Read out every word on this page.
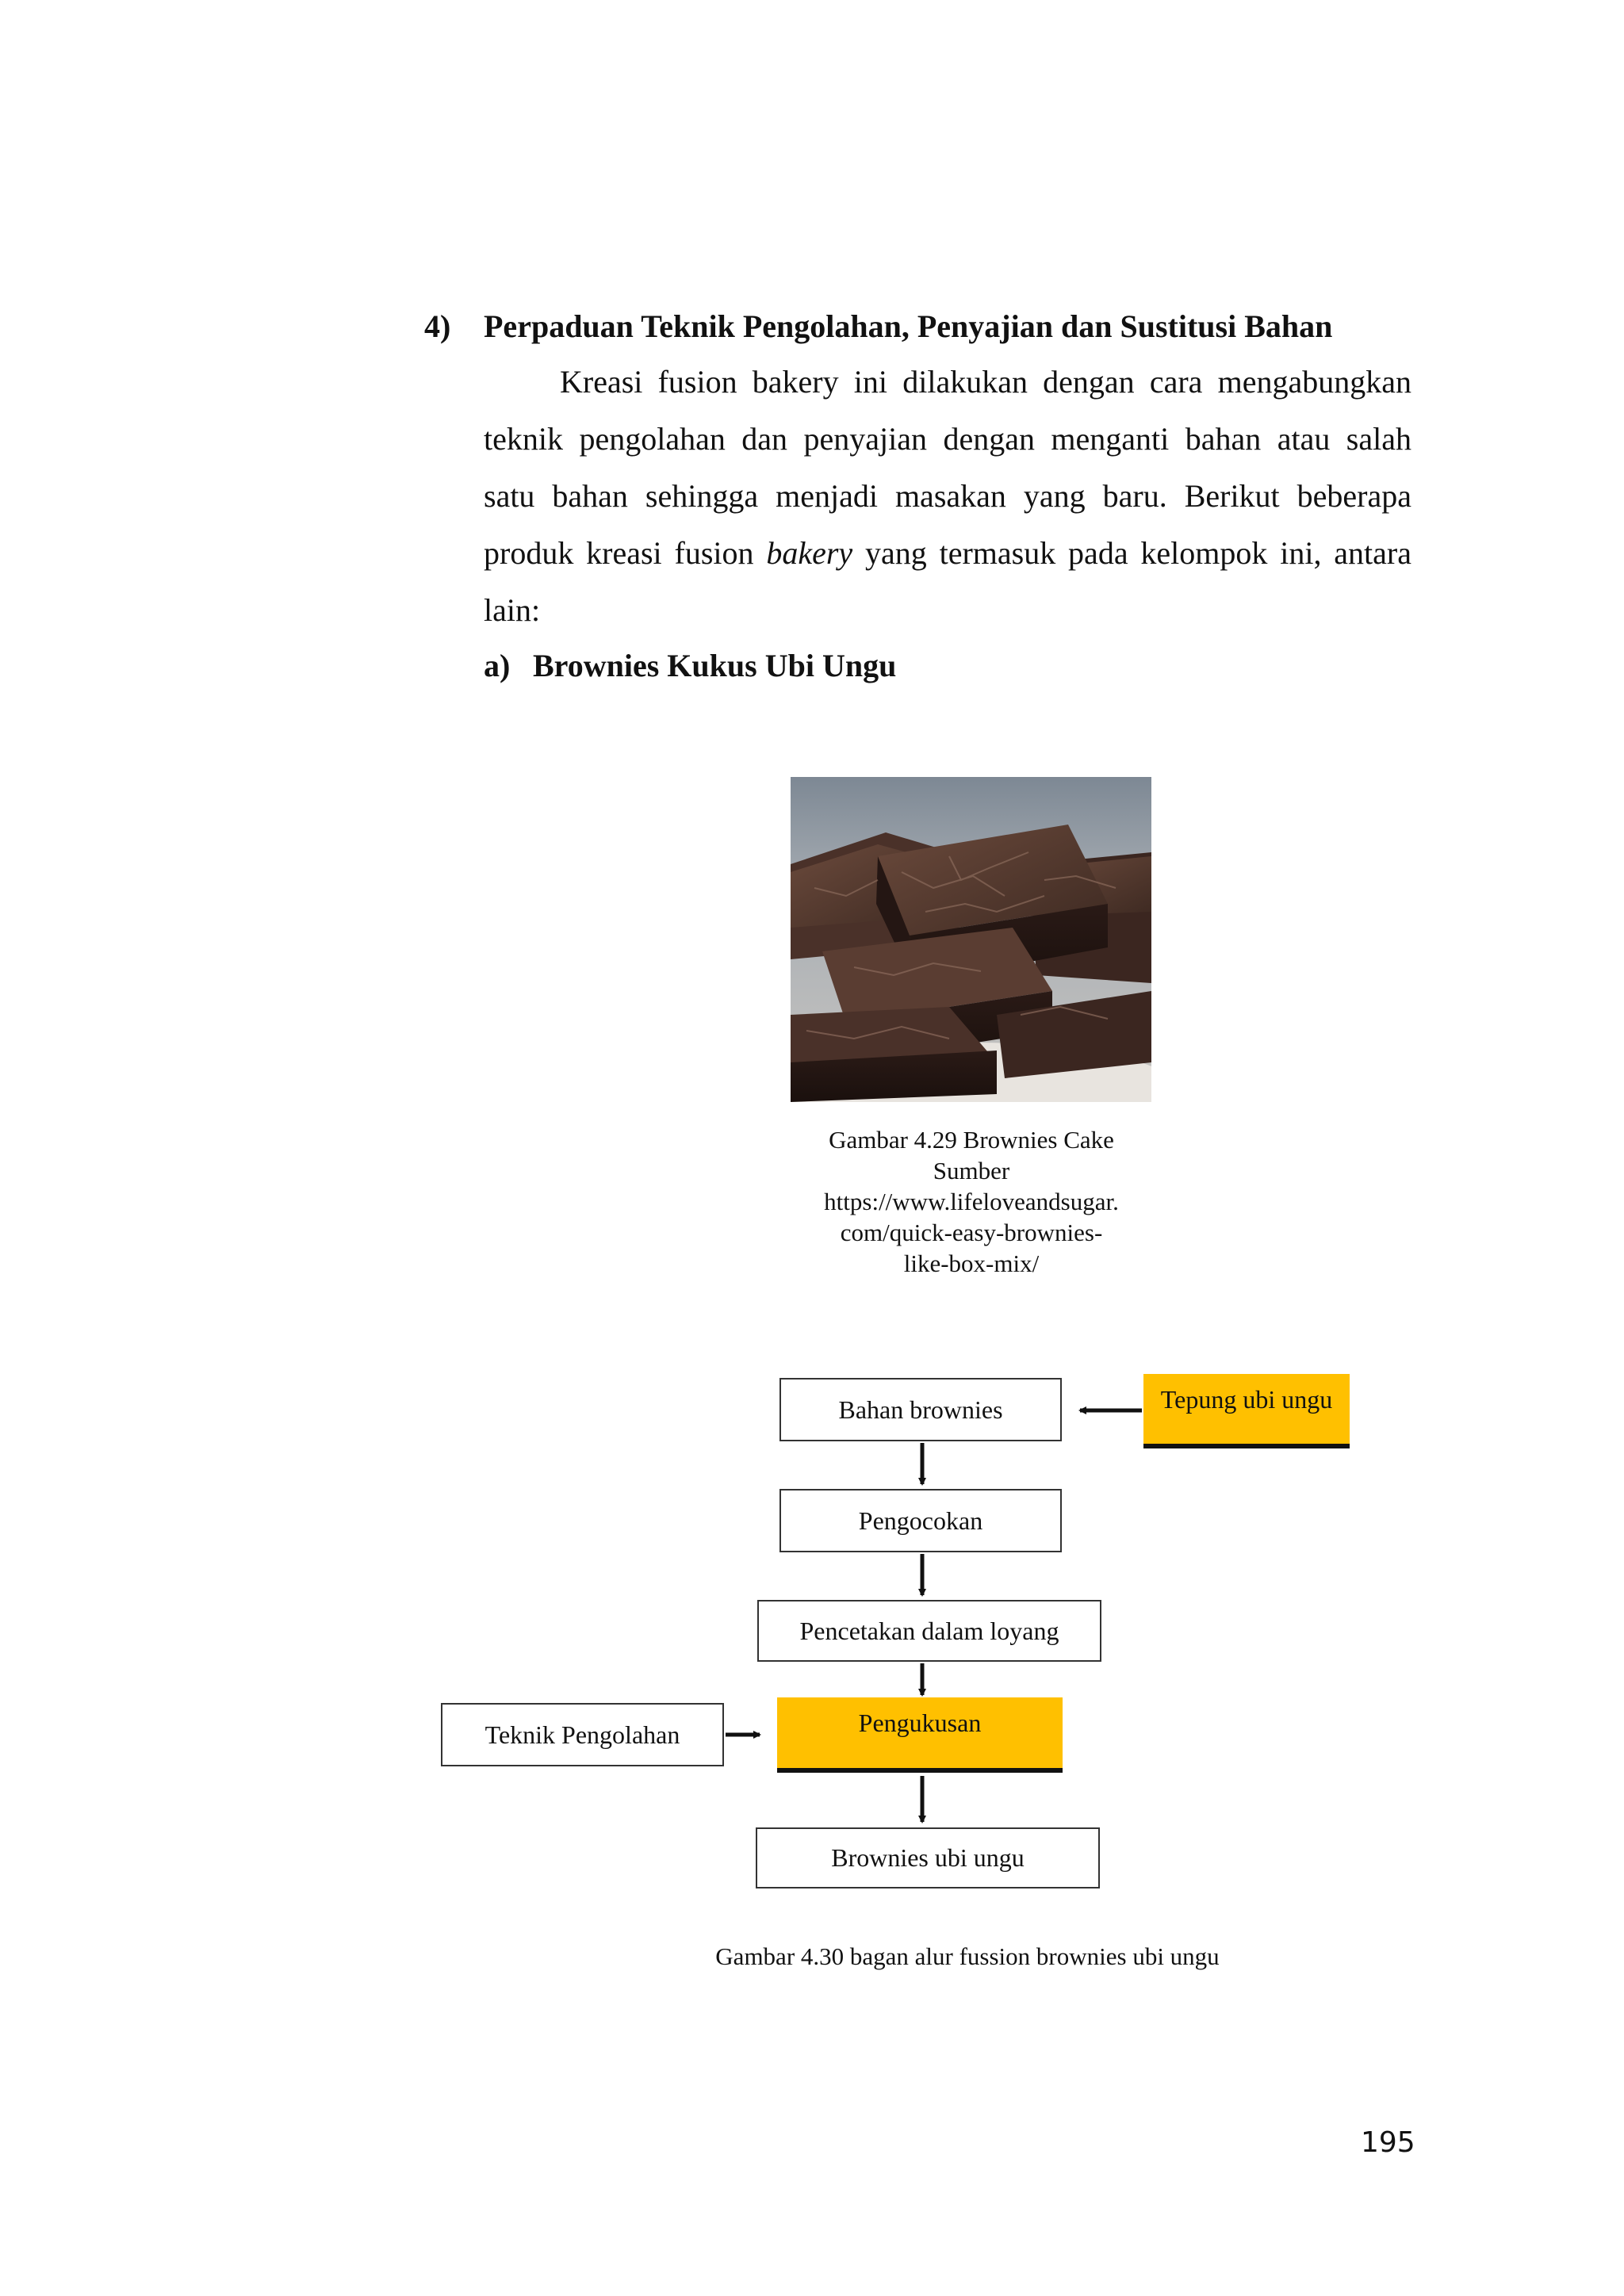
4) Perpaduan Teknik Pengolahan, Penyajian dan Sustitusi Bahan
Kreasi fusion bakery ini dilakukan dengan cara mengabungkan
teknik pengolahan dan penyajian dengan menganti bahan atau salah
satu bahan sehingga menjadi masakan yang baru. Berikut beberapa
produk kreasi fusion bakery yang termasuk pada kelompok ini, antara
lain:
a) Brownies Kukus Ubi Ungu
Gambar 4.29 Brownies Cake
Sumber
https://www.lifeloveandsugar.
com/quick-easy-brownies-
like-box-mix/
Bahan brownies	Tepung ubi ungu
Pengocokan
Pencetakan dalam loyang
Teknik Pengolahan	Pengukusan
Brownies ubi ungu
Gambar 4.30 bagan alur fussion brownies ubi ungu
195
